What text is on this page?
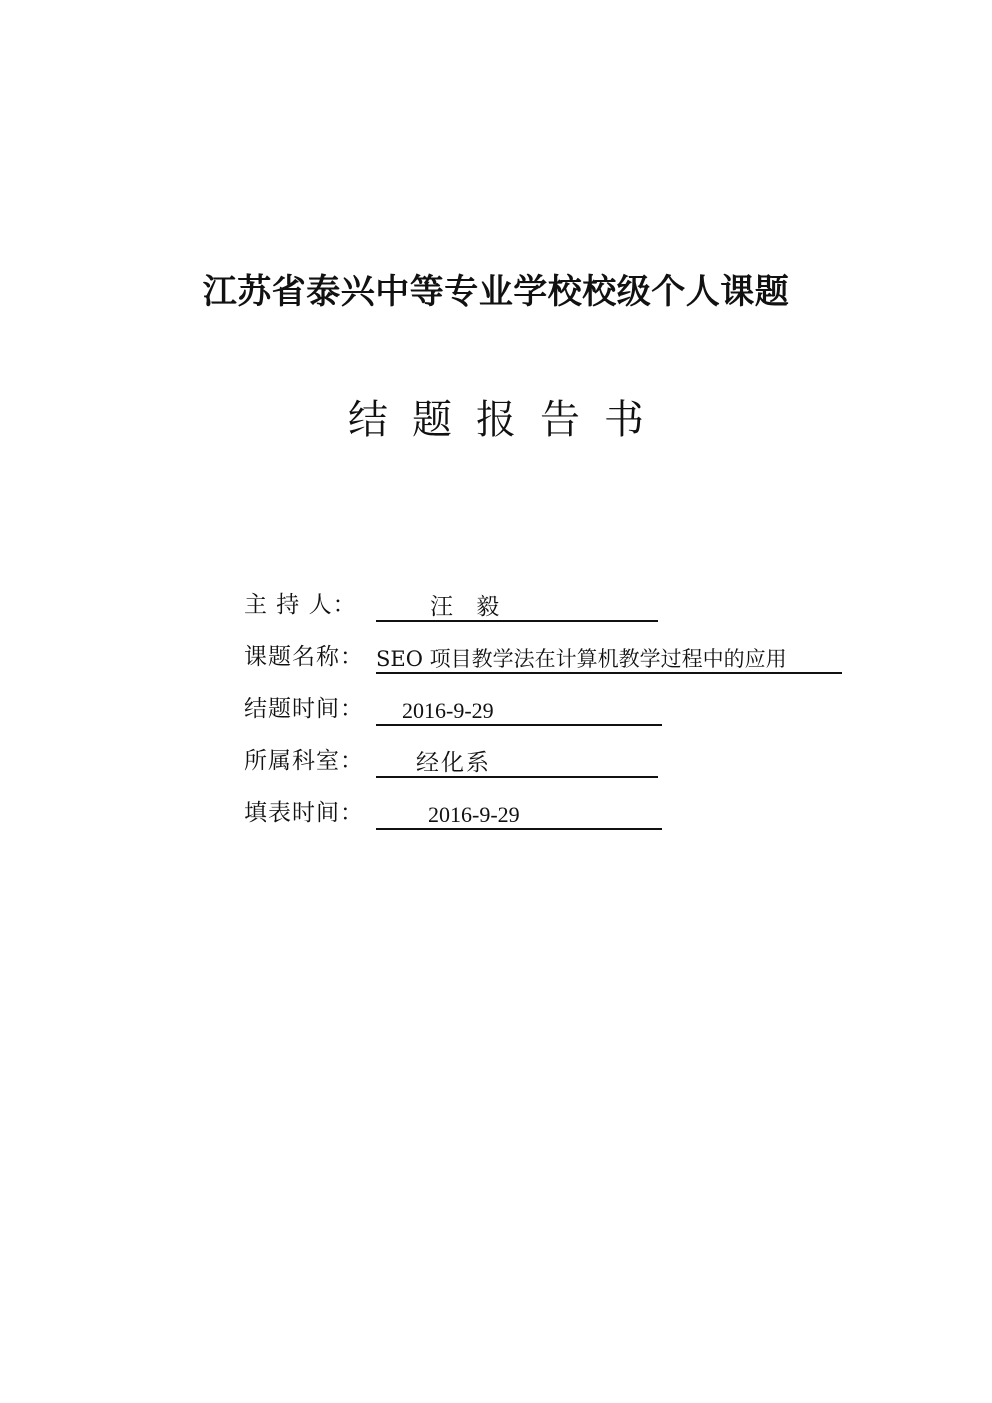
江苏省泰兴中等专业学校校级个人课题
结题报告书
主 持 人：	汪 毅
课题名称： SEO 项目教学法在计算机教学过程中的应用
结题时间：	2016-9-29
所属科室：	经化系
填表时间：	2016-9-29
